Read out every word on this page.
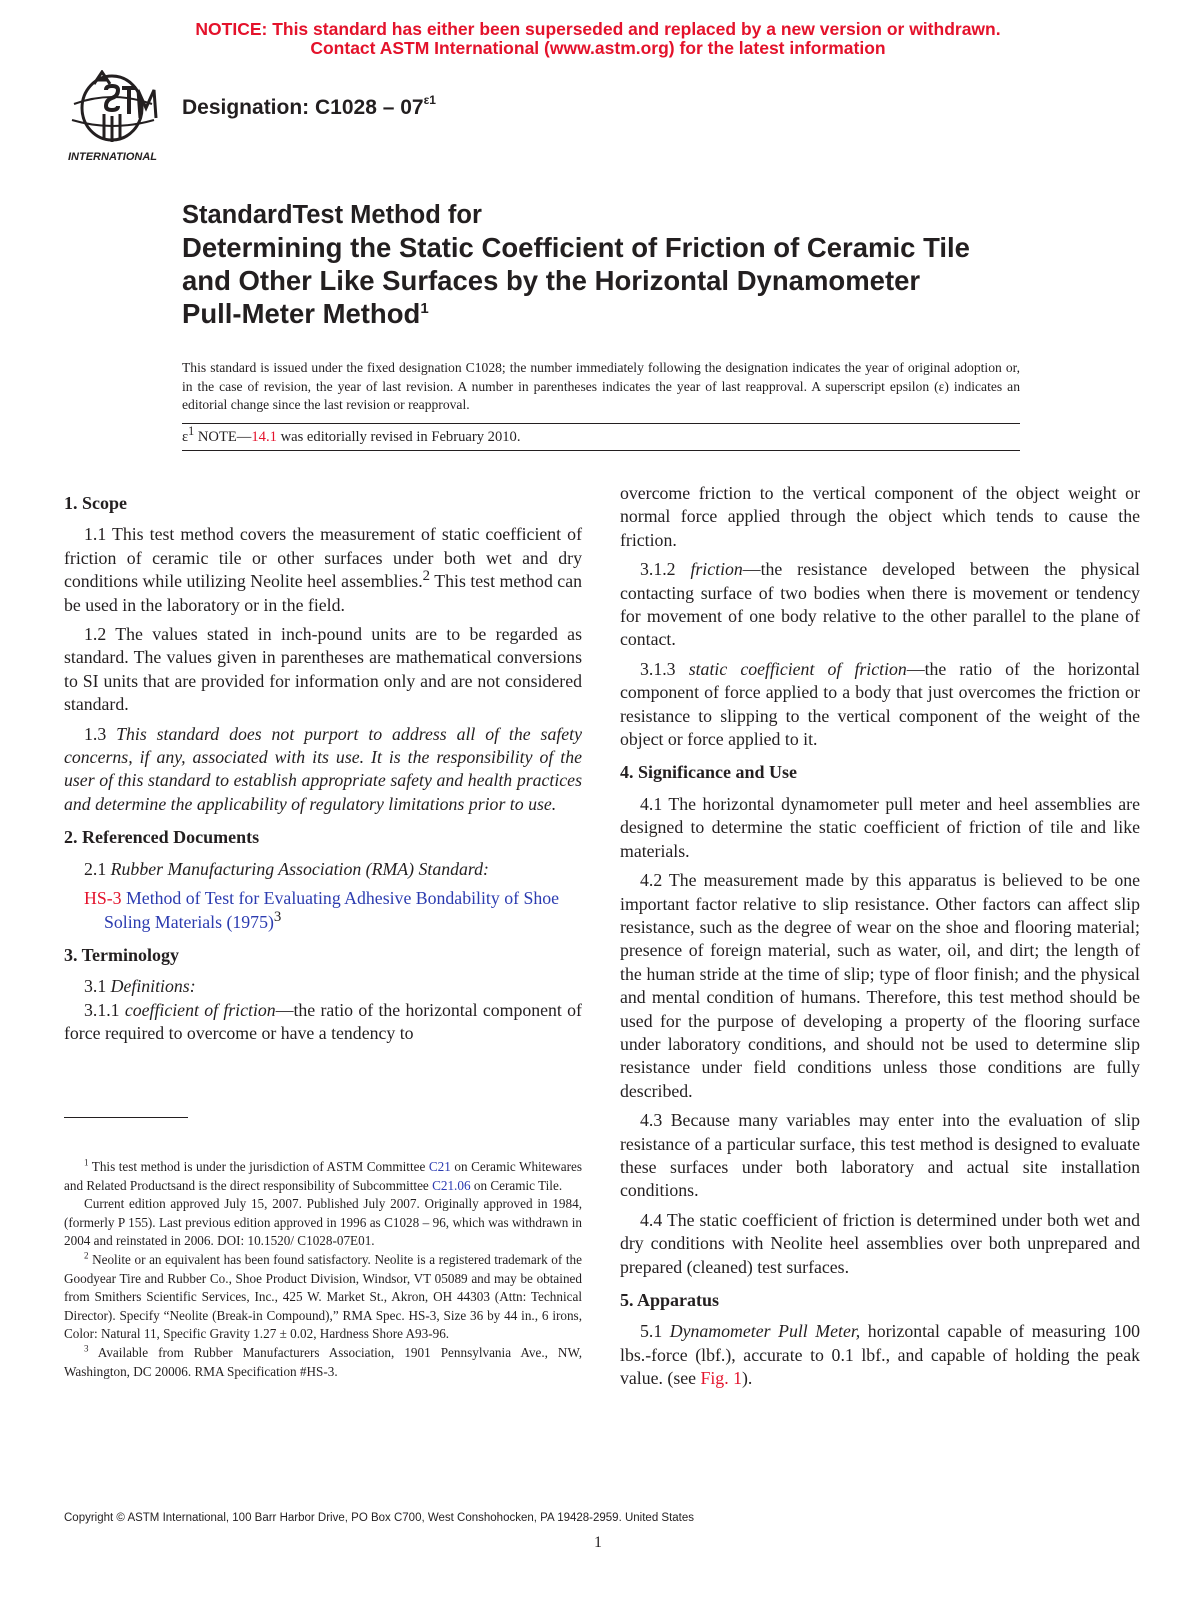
NOTICE: This standard has either been superseded and replaced by a new version or withdrawn.
Contact ASTM International (www.astm.org) for the latest information
INTERNATIONAL
Designation: $C1028 - 07^{\varepsilon 1}$
StandardTest Method for
Determining the Static Coefficient of Friction of Ceramic Tile
and Other Like Surfaces by the Horizontal Dynamometer
Pull-Meter Method$^1$
This standard is issued under the fixed designation C1028; the number immediately following the designation indicates the year of original adoption or, in the case of revision, the year of last revision. A number in parentheses indicates the year of last reapproval. A superscript epsilon (ε) indicates an editorial change since the last revision or reapproval.
$\varepsilon^1$ NOTE—14.1 was editorially revised in February 2010.
1. Scope

1.1 This test method covers the measurement of static coefficient of friction of ceramic tile or other surfaces under both wet and dry conditions while utilizing Neolite heel assemblies.$^2$ This test method can be used in the laboratory or in the field.

1.2 The values stated in inch-pound units are to be regarded as standard. The values given in parentheses are mathematical conversions to SI units that are provided for information only and are not considered standard.

1.3 This standard does not purport to address all of the safety concerns, if any, associated with its use. It is the responsibility of the user of this standard to establish appropriate safety and health practices and determine the applicability of regulatory limitations prior to use.

2. Referenced Documents

2.1 Rubber Manufacturing Association (RMA) Standard:

HS-3 Method of Test for Evaluating Adhesive Bondability of Shoe Soling Materials $(1975)^3$

3. Terminology

3.1 Definitions:

3.1.1 coefficient of friction—the ratio of the horizontal component of force required to overcome or have a tendency to

overcome friction to the vertical component of the object weight or normal force applied through the object which tends to cause the friction.

3.1.2 friction—the resistance developed between the physical contacting surface of two bodies when there is movement or tendency for movement of one body relative to the other parallel to the plane of contact.

3.1.3 static coefficient of friction—the ratio of the horizontal component of force applied to a body that just overcomes the friction or resistance to slipping to the vertical component of the weight of the object or force applied to it.

4. Significance and Use

4.1 The horizontal dynamometer pull meter and heel assemblies are designed to determine the static coefficient of friction of tile and like materials.

4.2 The measurement made by this apparatus is believed to be one important factor relative to slip resistance. Other factors can affect slip resistance, such as the degree of wear on the shoe and flooring material; presence of foreign material, such as water, oil, and dirt; the length of the human stride at the time of slip; type of floor finish; and the physical and mental condition of humans. Therefore, this test method should be used for the purpose of developing a property of the flooring surface under laboratory conditions, and should not be used to determine slip resistance under field conditions unless those conditions are fully described.

4.3 Because many variables may enter into the evaluation of slip resistance of a particular surface, this test method is designed to evaluate these surfaces under both laboratory and actual site installation conditions.

4.4 The static coefficient of friction is determined under both wet and dry conditions with Neolite heel assemblies over both unprepared and prepared (cleaned) test surfaces.

5. Apparatus

5.1 Dynamometer Pull Meter, horizontal capable of measuring 100 lbs.-force (lbf.), accurate to 0.1 lbf., and capable of holding the peak value. (see Fig. 1).

$^1$ This test method is under the jurisdiction of ASTM Committee C21 on Ceramic Whitewares and Related Productsand is the direct responsibility of Subcommittee C21.06 on Ceramic Tile.

Current edition approved July 15, 2007. Published July 2007. Originally approved in 1984, (formerly P 155). Last previous edition approved in 1996 as C1028 – 96, which was withdrawn in 2004 and reinstated in 2006. DOI: 10.1520/ C1028-07E01.

$^2$ Neolite or an equivalent has been found satisfactory. Neolite is a registered trademark of the Goodyear Tire and Rubber Co., Shoe Product Division, Windsor, VT 05089 and may be obtained from Smithers Scientific Services, Inc., 425 W. Market St., Akron, OH 44303 (Attn: Technical Director). Specify “Neolite (Break-in Compound),” RMA Spec. HS-3, Size 36 by 44 in., 6 irons, Color: Natural 11, Specific Gravity 1.27 ± 0.02, Hardness Shore A93-96.

$^3$ Available from Rubber Manufacturers Association, 1901 Pennsylvania Ave., NW, Washington, DC 20006. RMA Specification #HS-3.

Copyright © ASTM International, 100 Barr Harbor Drive, PO Box C700, West Conshohocken, PA 19428-2959. United States
1
